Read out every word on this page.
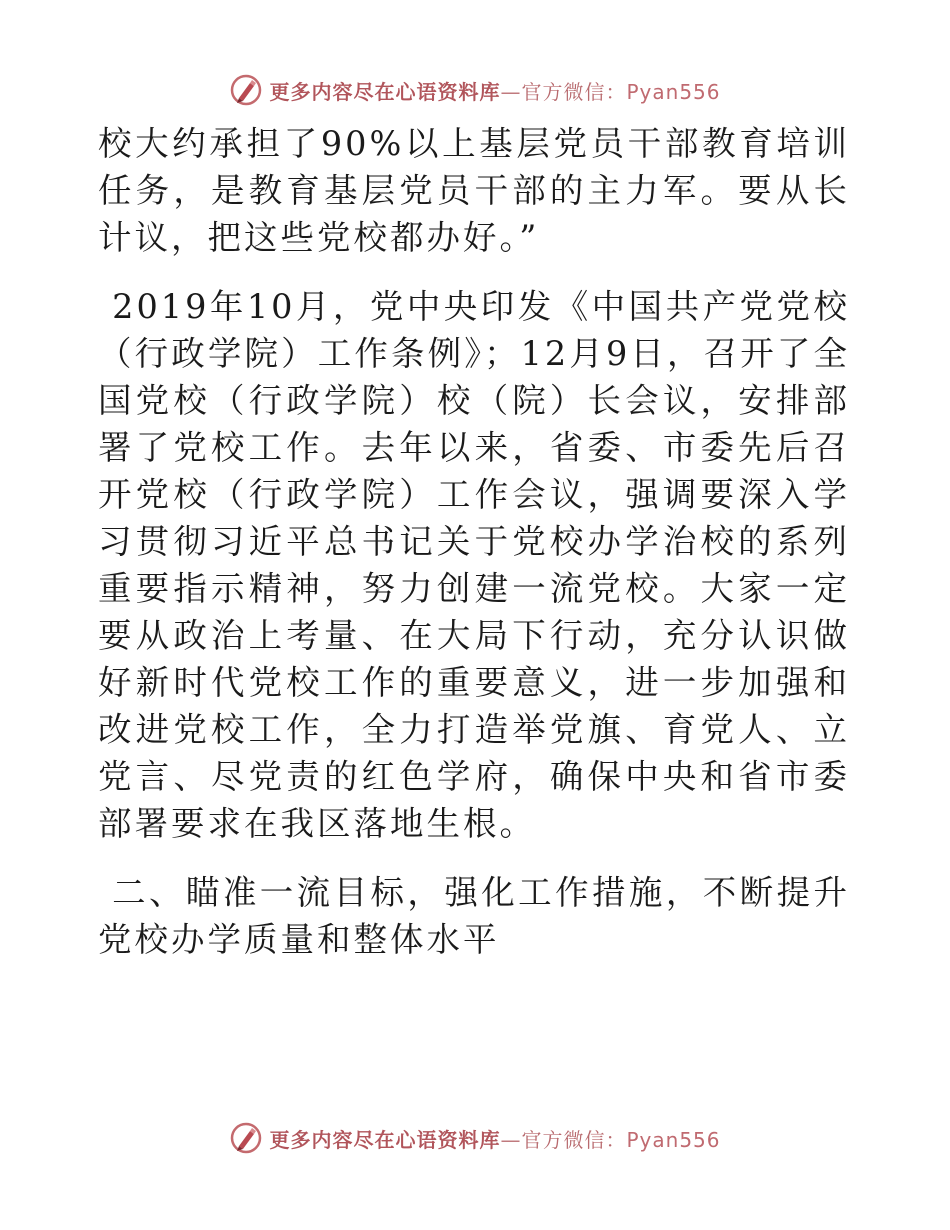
更多内容尽在心语资料库—官方微信：Pyan556

校大约承担了90%以上基层党员干部教育培训任务，是教育基层党员干部的主力军。要从长计议，把这些党校都办好。”

2019年10月，党中央印发《中国共产党党校（行政学院）工作条例》；12月9日，召开了全国党校（行政学院）校（院）长会议，安排部署了党校工作。去年以来，省委、市委先后召开党校（行政学院）工作会议，强调要深入学习贯彻习近平总书记关于党校办学治校的系列重要指示精神，努力创建一流党校。大家一定要从政治上考量、在大局下行动，充分认识做好新时代党校工作的重要意义，进一步加强和改进党校工作，全力打造举党旗、育党人、立党言、尽党责的红色学府，确保中央和省市委部署要求在我区落地生根。

二、瞄准一流目标，强化工作措施，不断提升党校办学质量和整体水平

更多内容尽在心语资料库—官方微信：Pyan556
